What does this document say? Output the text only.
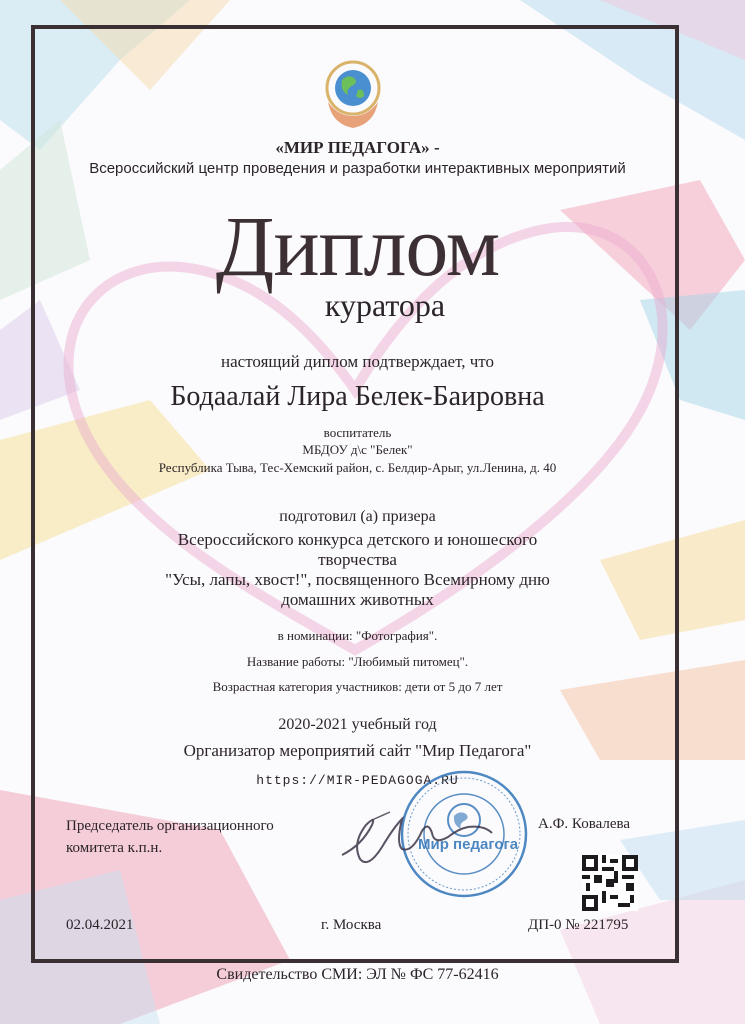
«МИР ПЕДАГОГА» -
Всероссийский центр проведения и разработки интерактивных мероприятий
Диплом
куратора
настоящий диплом подтверждает, что
Бодаалай Лира Белек-Баировна
воспитатель
МБДОУ д\с "Белек"
Республика Тыва, Тес-Хемский район, с. Белдир-Арыг, ул.Ленина, д. 40
подготовил (а) призера
Всероссийского конкурса детского и юношеского
творчества
"Усы, лапы, хвост!", посвященного Всемирному дню
домашних животных
в номинации: "Фотография".
Название работы: "Любимый питомец".
Возрастная категория участников: дети от 5 до 7 лет
2020-2021 учебный год
Организатор мероприятий сайт "Мир Педагога"
https://MIR-PEDAGOGA.RU
Председатель организационного
комитета к.п.н.	Мир педагога
А.Ф. Ковалева
02.04.2021	г. Москва	ДП-0 № 221795
Свидетельство СМИ: ЭЛ № ФС 77-62416
